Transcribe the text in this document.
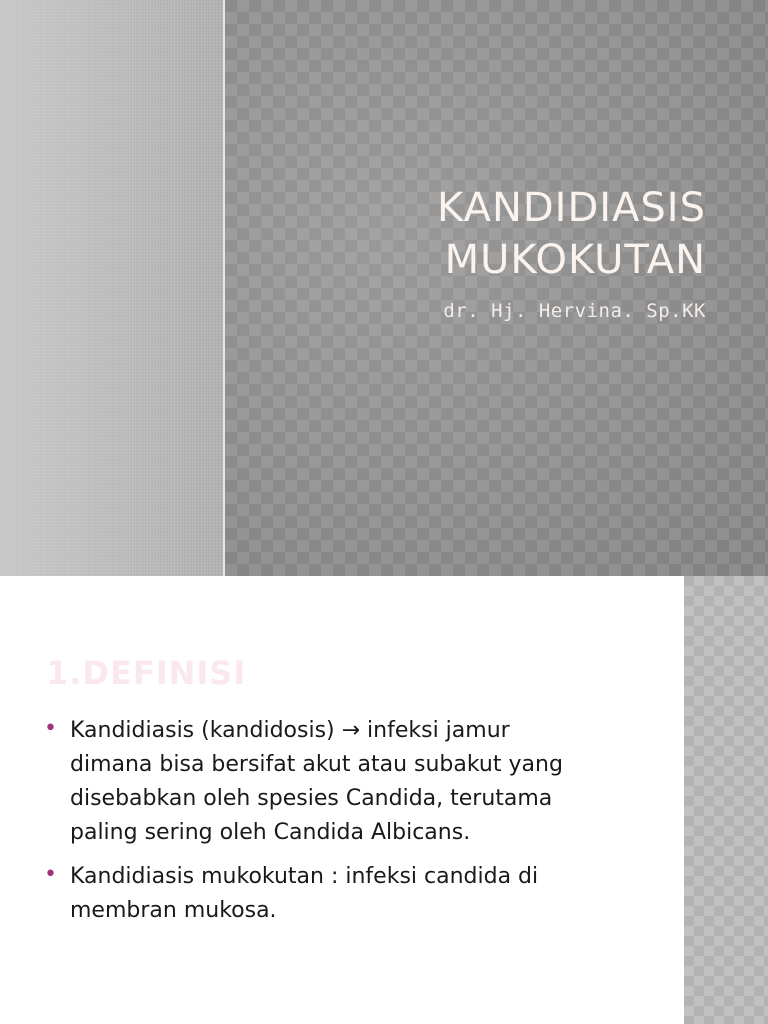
KANDIDIASIS
MUKOKUTAN

dr. Hj. Hervina. Sp.KK

1.DEFINISI
• Kandidiasis (kandidosis) → infeksi jamur
dimana bisa bersifat akut atau subakut yang
disebabkan oleh spesies Candida, terutama
paling sering oleh Candida Albicans.
• Kandidiasis mukokutan : infeksi candida di
membran mukosa.
